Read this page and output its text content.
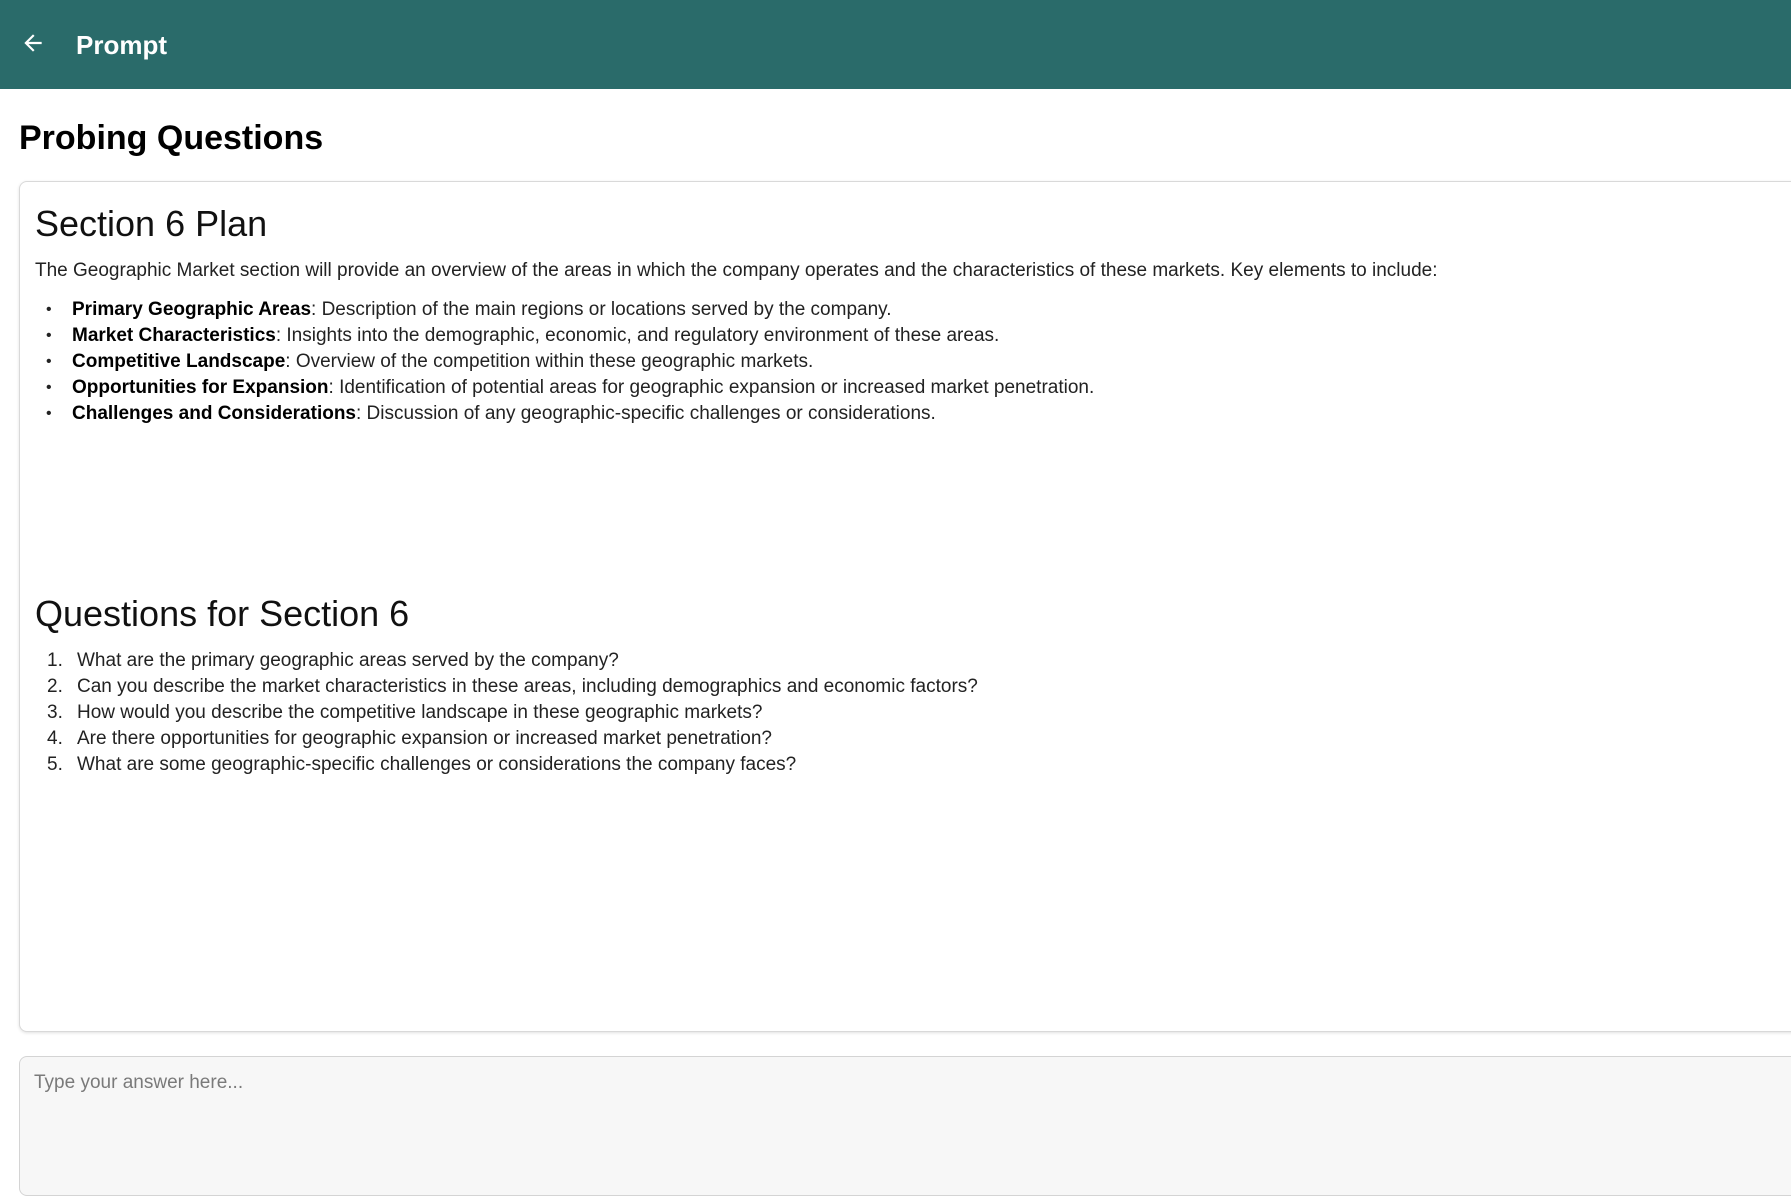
Prompt
Probing Questions
Section 6 Plan

The Geographic Market section will provide an overview of the areas in which the company operates and the characteristics of these markets. Key elements to include:

• Primary Geographic Areas: Description of the main regions or locations served by the company.
• Market Characteristics: Insights into the demographic, economic, and regulatory environment of these areas.
• Competitive Landscape: Overview of the competition within these geographic markets.
• Opportunities for Expansion: Identification of potential areas for geographic expansion or increased market penetration.
• Challenges and Considerations: Discussion of any geographic-specific challenges or considerations.
Questions for Section 6
1. What are the primary geographic areas served by the company?
2. Can you describe the market characteristics in these areas, including demographics and economic factors?
3. How would you describe the competitive landscape in these geographic markets?
4. Are there opportunities for geographic expansion or increased market penetration?
5. What are some geographic-specific challenges or considerations the company faces?
Type your answer here...
